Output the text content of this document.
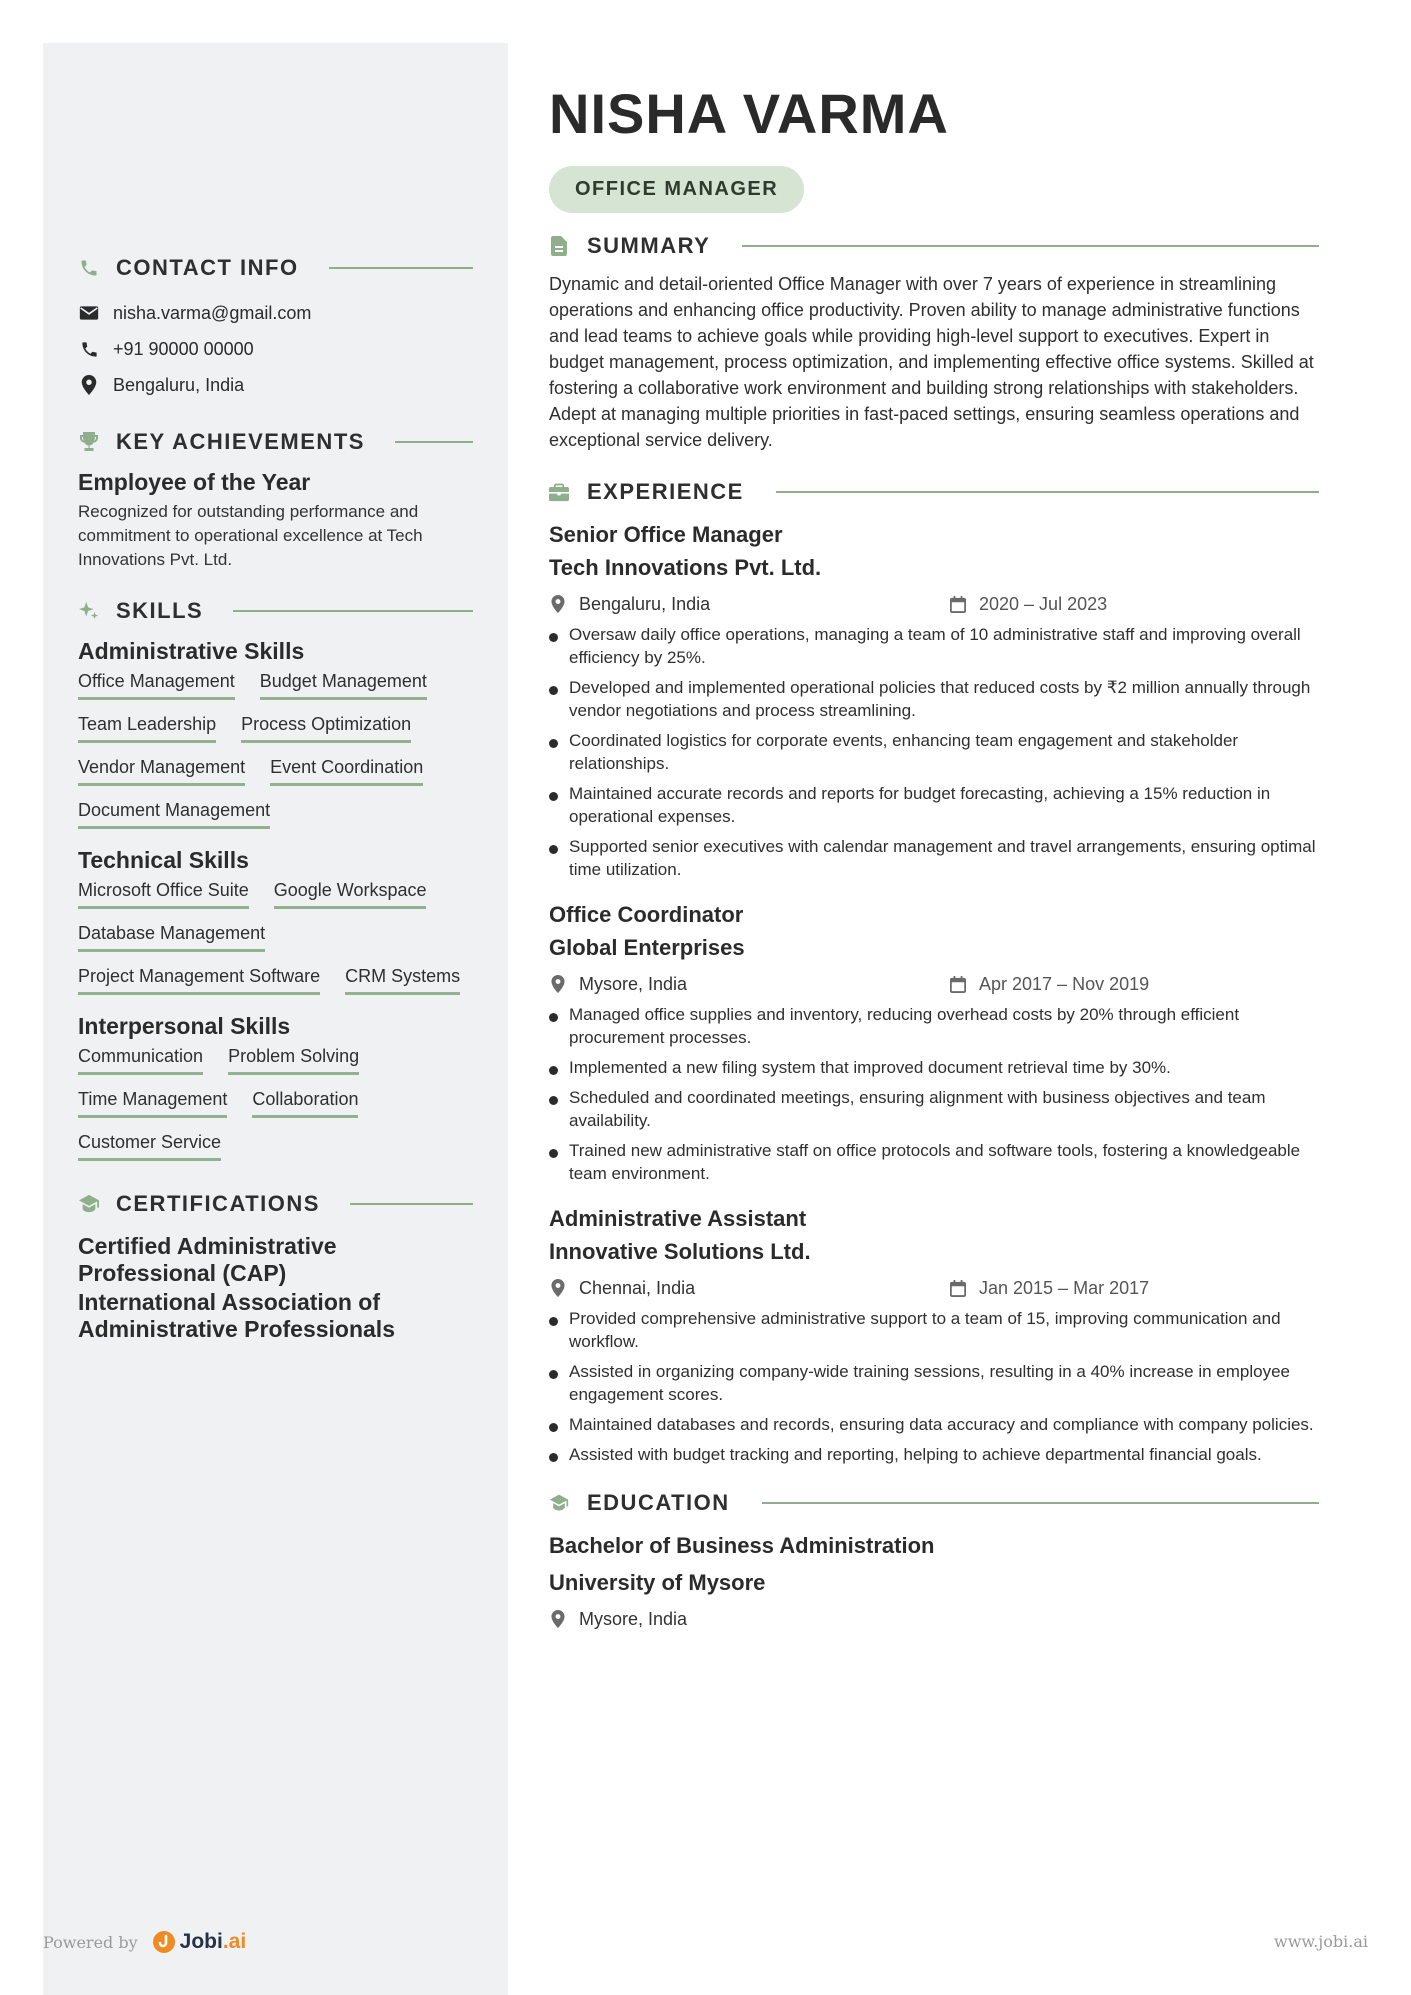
CONTACT INFO
nisha.varma@gmail.com
+91 90000 00000
Bengaluru, India
KEY ACHIEVEMENTS
Employee of the Year
Recognized for outstanding performance and commitment to operational excellence at Tech Innovations Pvt. Ltd.
SKILLS
Administrative Skills
Office Management Budget Management
Team Leadership Process Optimization
Vendor Management Event Coordination
Document Management
Technical Skills
Microsoft Office Suite Google Workspace
Database Management
Project Management Software CRM Systems
Interpersonal Skills
Communication Problem Solving
Time Management Collaboration
Customer Service
CERTIFICATIONS
Certified Administrative Professional (CAP)
International Association of Administrative Professionals
NISHA VARMA
OFFICE MANAGER
SUMMARY

Dynamic and detail-oriented Office Manager with over 7 years of experience in streamlining operations and enhancing office productivity. Proven ability to manage administrative functions and lead teams to achieve goals while providing high-level support to executives. Expert in budget management, process optimization, and implementing effective office systems. Skilled at fostering a collaborative work environment and building strong relationships with stakeholders. Adept at managing multiple priorities in fast-paced settings, ensuring seamless operations and exceptional service delivery.

EXPERIENCE
Senior Office Manager
Tech Innovations Pvt. Ltd.
Bengaluru, India	2020 – Jul 2023
Oversaw daily office operations, managing a team of 10 administrative staff and improving overall efficiency by 25%.
Developed and implemented operational policies that reduced costs by ₹2 million annually through vendor negotiations and process streamlining.
Coordinated logistics for corporate events, enhancing team engagement and stakeholder relationships.
Maintained accurate records and reports for budget forecasting, achieving a 15% reduction in operational expenses.
Supported senior executives with calendar management and travel arrangements, ensuring optimal time utilization.
Office Coordinator
Global Enterprises
Mysore, India	Apr 2017 – Nov 2019
Managed office supplies and inventory, reducing overhead costs by 20% through efficient procurement processes.
Implemented a new filing system that improved document retrieval time by 30%.
Scheduled and coordinated meetings, ensuring alignment with business objectives and team availability.
Trained new administrative staff on office protocols and software tools, fostering a knowledgeable team environment.
Administrative Assistant
Innovative Solutions Ltd.
Chennai, India	Jan 2015 – Mar 2017
Provided comprehensive administrative support to a team of 15, improving communication and workflow.
Assisted in organizing company-wide training sessions, resulting in a 40% increase in employee engagement scores.
Maintained databases and records, ensuring data accuracy and compliance with company policies.
Assisted with budget tracking and reporting, helping to achieve departmental financial goals.
EDUCATION
Bachelor of Business Administration
University of Mysore
Mysore, India
Powered by Jobi .ai	www.jobi.ai
